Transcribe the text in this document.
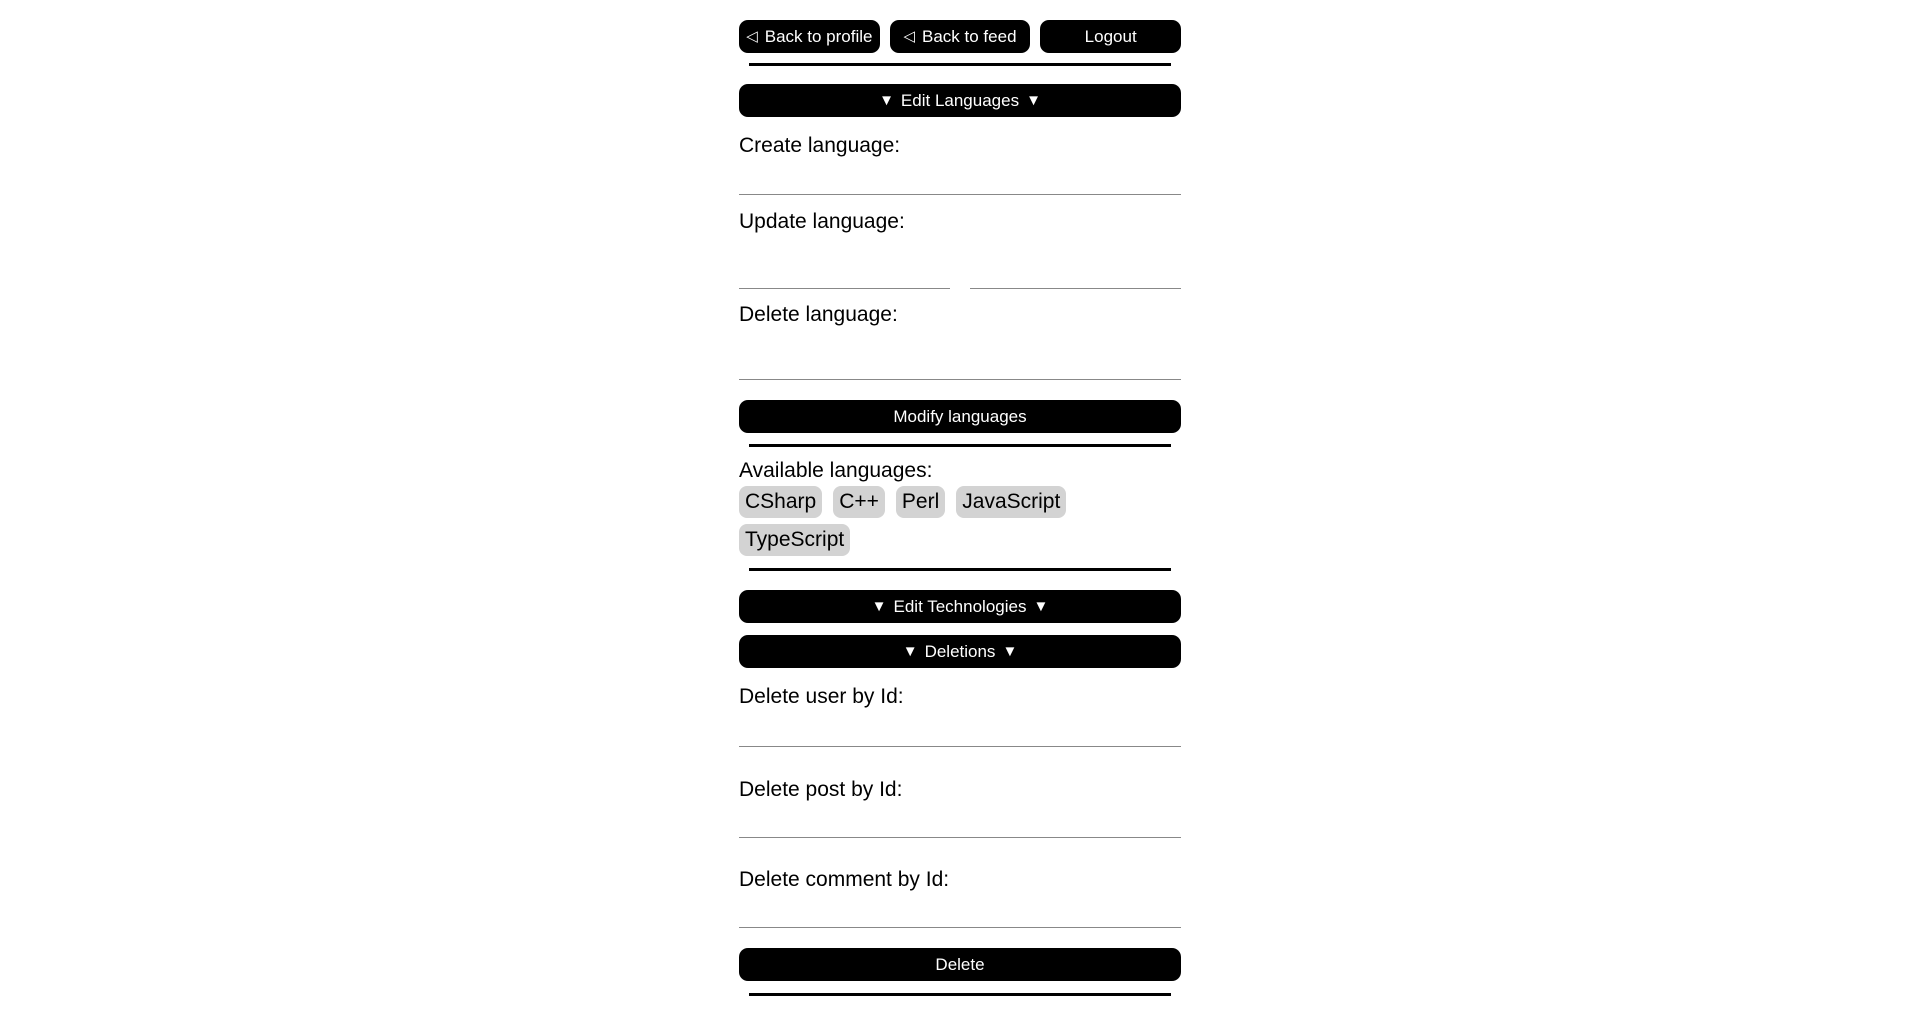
◁ Back to profile ◁ Back to feed	Logout
▼ Edit Languages ▼
Create language:
Update language:
Delete language:
Modify languages
Available languages:
CSharp C++ Perl JavaScript
TypeScript
▼ Edit Technologies ▼
▼ Deletions ▼
Delete user by Id:
Delete post by Id:
Delete comment by Id:
Delete
